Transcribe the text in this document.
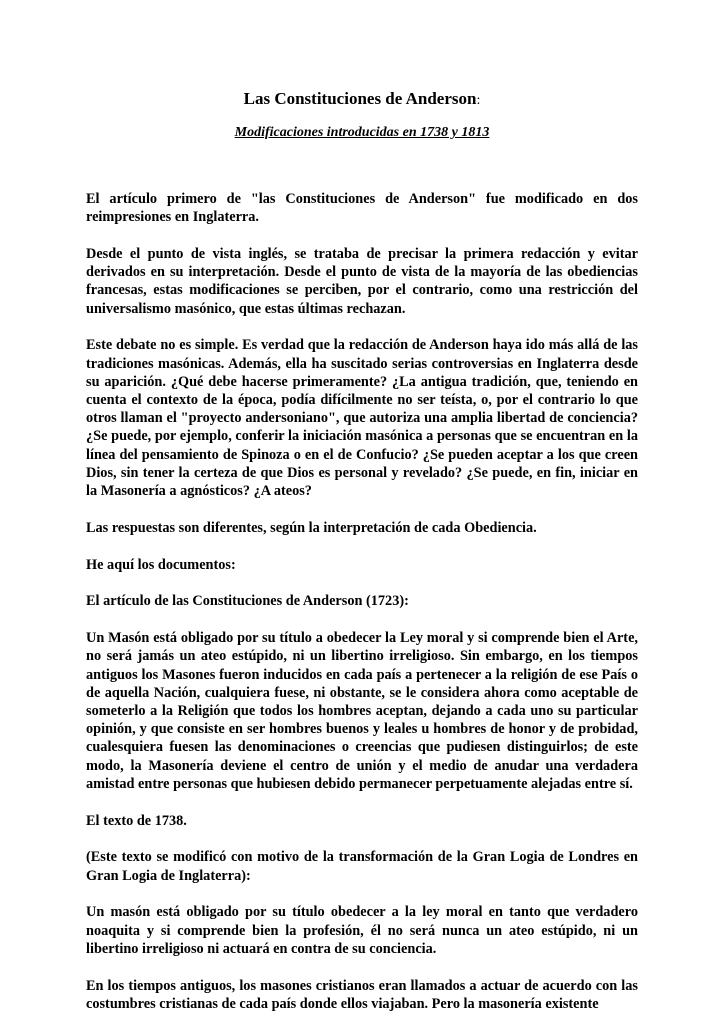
Las Constituciones de Anderson:
Modificaciones introducidas en 1738 y 1813

El artículo primero de "las Constituciones de Anderson" fue modificado en dos reimpresiones en Inglaterra.

Desde el punto de vista inglés, se trataba de precisar la primera redacción y evitar derivados en su interpretación. Desde el punto de vista de la mayoría de las obediencias francesas, estas modificaciones se perciben, por el contrario, como una restricción del universalismo masónico, que estas últimas rechazan.

Este debate no es simple. Es verdad que la redacción de Anderson haya ido más allá de las tradiciones masónicas. Además, ella ha suscitado serias controversias en Inglaterra desde su aparición. ¿Qué debe hacerse primeramente? ¿La antigua tradición, que, teniendo en cuenta el contexto de la época, podía difícilmente no ser teísta, o, por el contrario lo que otros llaman el "proyecto andersoniano", que autoriza una amplia libertad de conciencia? ¿Se puede, por ejemplo, conferir la iniciación masónica a personas que se encuentran en la línea del pensamiento de Spinoza o en el de Confucio? ¿Se pueden aceptar a los que creen Dios, sin tener la certeza de que Dios es personal y revelado? ¿Se puede, en fin, iniciar en la Masonería a agnósticos? ¿A ateos?

Las respuestas son diferentes, según la interpretación de cada Obediencia.

He aquí los documentos:

El artículo de las Constituciones de Anderson (1723):

Un Masón está obligado por su título a obedecer la Ley moral y si comprende bien el Arte, no será jamás un ateo estúpido, ni un libertino irreligioso. Sin embargo, en los tiempos antiguos los Masones fueron inducidos en cada país a pertenecer a la religión de ese País o de aquella Nación, cualquiera fuese, ni obstante, se le considera ahora como aceptable de someterlo a la Religión que todos los hombres aceptan, dejando a cada uno su particular opinión, y que consiste en ser hombres buenos y leales u hombres de honor y de probidad, cualesquiera fuesen las denominaciones o creencias que pudiesen distinguirlos; de este modo, la Masonería deviene el centro de unión y el medio de anudar una verdadera amistad entre personas que hubiesen debido permanecer perpetuamente alejadas entre sí.

El texto de 1738.

(Este texto se modificó con motivo de la transformación de la Gran Logia de Londres en Gran Logia de Inglaterra):

Un masón está obligado por su título obedecer a la ley moral en tanto que verdadero noaquita y si comprende bien la profesión, él no será nunca un ateo estúpido, ni un libertino irreligioso ni actuará en contra de su conciencia.

En los tiempos antiguos, los masones cristianos eran llamados a actuar de acuerdo con las costumbres cristianas de cada país donde ellos viajaban. Pero la masonería existente
